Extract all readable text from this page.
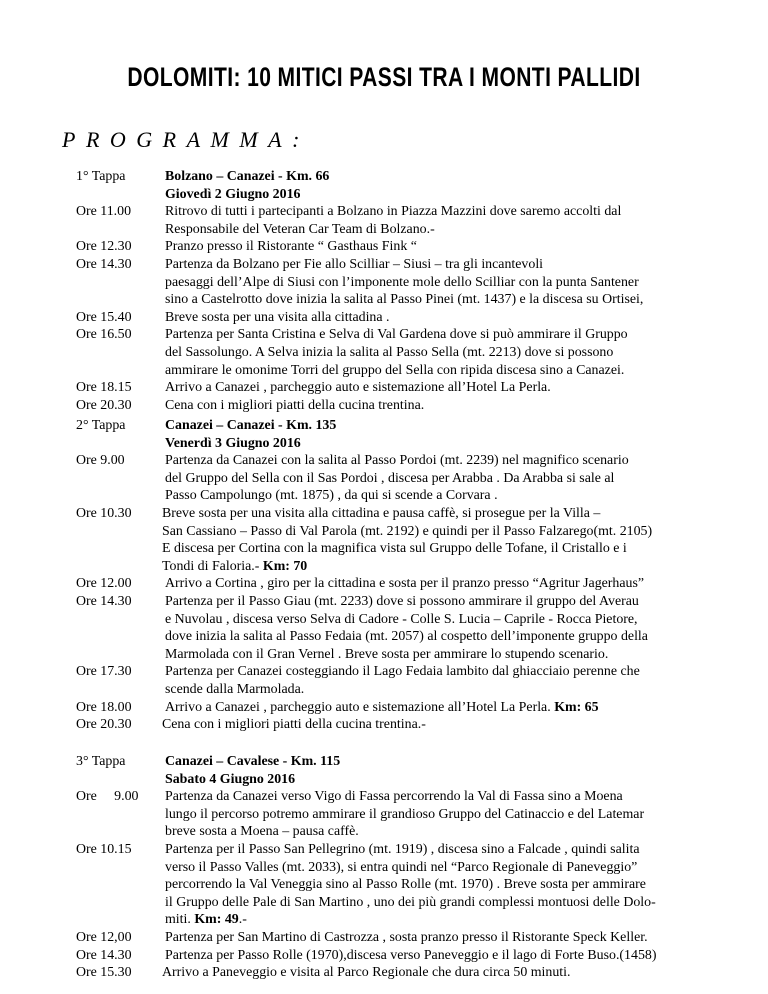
DOLOMITI: 10 MITICI PASSI TRA I MONTI PALLIDI
PROGRAMMA:
1° Tappa	Bolzano – Canazei - Km. 66
Giovedì 2 Giugno 2016
Ore 11.00 Ritrovo di tutti i partecipanti a Bolzano in Piazza Mazzini dove saremo accolti dal
Responsabile del Veteran Car Team di Bolzano.-
Ore 12.30 Pranzo presso il Ristorante “ Gasthaus Fink “
Ore 14.30 Partenza da Bolzano per Fie allo Scilliar – Siusi – tra gli incantevoli
paesaggi dell’Alpe di Siusi con l’imponente mole dello Scilliar con la punta Santener
sino a Castelrotto dove inizia la salita al Passo Pinei (mt. 1437) e la discesa su Ortisei,
Ore 15.40 Breve sosta per una visita alla cittadina .
Ore 16.50 Partenza per Santa Cristina e Selva di Val Gardena dove si può ammirare il Gruppo
del Sassolungo. A Selva inizia la salita al Passo Sella (mt. 2213) dove si possono
ammirare le omonime Torri del gruppo del Sella con ripida discesa sino a Canazei.
Ore 18.15 Arrivo a Canazei , parcheggio auto e sistemazione all’Hotel La Perla.
Ore 20.30 Cena con i migliori piatti della cucina trentina.
2° Tappa	Canazei – Canazei - Km. 135
Venerdì 3 Giugno 2016
Ore 9.00	Partenza da Canazei con la salita al Passo Pordoi (mt. 2239) nel magnifico scenario
del Gruppo del Sella con il Sas Pordoi , discesa per Arabba . Da Arabba si sale al
Passo Campolungo (mt. 1875) , da qui si scende a Corvara .
Ore 10.30 Breve sosta per una visita alla cittadina e pausa caffè, si prosegue per la Villa –
San Cassiano – Passo di Val Parola (mt. 2192) e quindi per il Passo Falzarego(mt. 2105)
E discesa per Cortina con la magnifica vista sul Gruppo delle Tofane, il Cristallo e i
Tondi di Faloria.- Km: 70
Ore 12.00 Arrivo a Cortina , giro per la cittadina e sosta per il pranzo presso “Agritur Jagerhaus”
Ore 14.30 Partenza per il Passo Giau (mt. 2233) dove si possono ammirare il gruppo del Averau
e Nuvolau , discesa verso Selva di Cadore - Colle S. Lucia – Caprile - Rocca Pietore,
dove inizia la salita al Passo Fedaia (mt. 2057) al cospetto dell’imponente gruppo della
Marmolada con il Gran Vernel . Breve sosta per ammirare lo stupendo scenario.
Ore 17.30 Partenza per Canazei costeggiando il Lago Fedaia lambito dal ghiacciaio perenne che
scende dalla Marmolada.
Ore 18.00 Arrivo a Canazei , parcheggio auto e sistemazione all’Hotel La Perla. Km: 65
Ore 20.30 Cena con i migliori piatti della cucina trentina.-
3° Tappa	Canazei – Cavalese - Km. 115
Sabato 4 Giugno 2016
Ore     9.00 Partenza da Canazei verso Vigo di Fassa percorrendo la Val di Fassa sino a Moena
lungo il percorso potremo ammirare il grandioso Gruppo del Catinaccio e del Latemar
breve sosta a Moena – pausa caffè.
Ore 10.15 Partenza per il Passo San Pellegrino (mt. 1919) , discesa sino a Falcade , quindi salita
verso il Passo Valles (mt. 2033), si entra quindi nel “Parco Regionale di Paneveggio”
percorrendo la Val Veneggia sino al Passo Rolle (mt. 1970) . Breve sosta per ammirare
il Gruppo delle Pale di San Martino , uno dei più grandi complessi montuosi delle Dolo-
miti. Km: 49.-
Ore 12,00 Partenza per San Martino di Castrozza , sosta pranzo presso il Ristorante Speck Keller.
Ore 14.30 Partenza per Passo Rolle (1970),discesa verso Paneveggio e il lago di Forte Buso.(1458)
Ore 15.30 Arrivo a Paneveggio e visita al Parco Regionale che dura circa 50 minuti.
